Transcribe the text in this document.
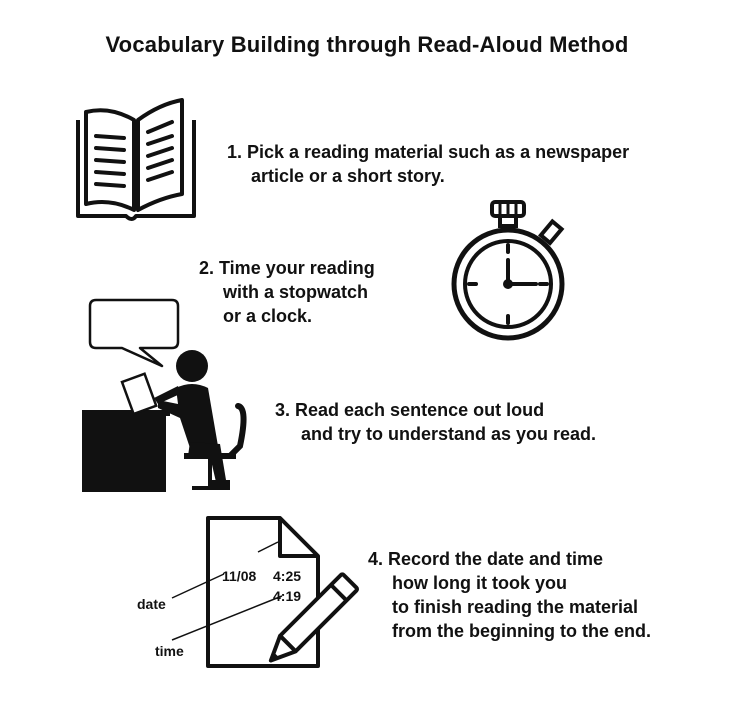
Vocabulary Building through Read-Aloud Method
1. Pick a reading material such as a newspaper
article or a short story.
2. Time your reading
with a stopwatch
or a clock.
3. Read each sentence out loud
and try to understand as you read.
11/08 4:25
4:19
date
time
4. Record the date and time
how long it took you
to finish reading the material
from the beginning to the end.
